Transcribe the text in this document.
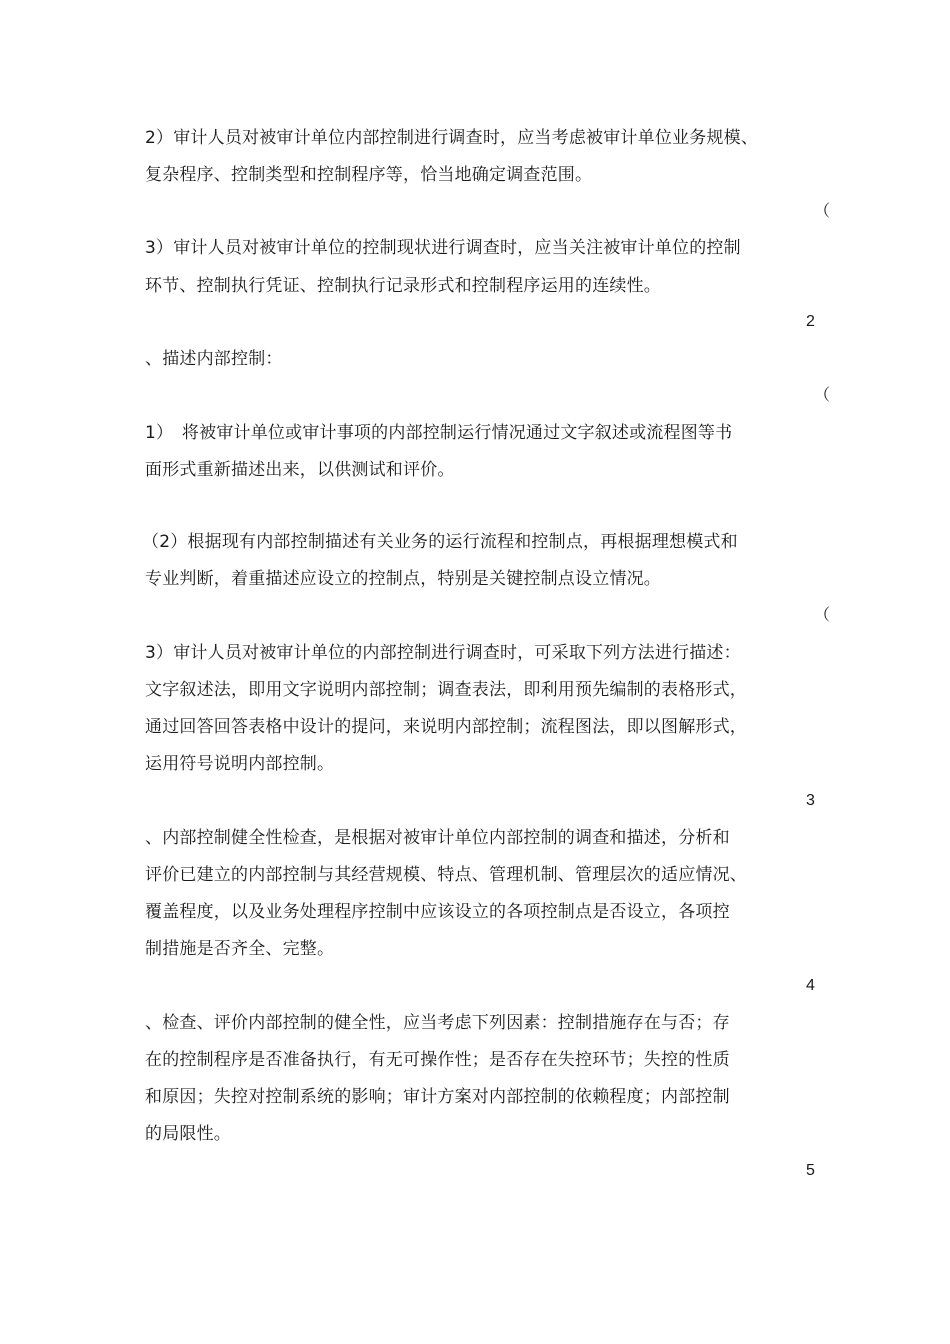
2）审计人员对被审计单位内部控制进行调查时，应当考虑被审计单位业务规模、
复杂程序、控制类型和控制程序等，恰当地确定调查范围。
（
3）审计人员对被审计单位的控制现状进行调查时，应当关注被审计单位的控制
环节、控制执行凭证、控制执行记录形式和控制程序运用的连续性。
2
、描述内部控制：
（
1）　将被审计单位或审计事项的内部控制运行情况通过文字叙述或流程图等书
面形式重新描述出来，以供测试和评价。
（2）根据现有内部控制描述有关业务的运行流程和控制点，再根据理想模式和
专业判断，着重描述应设立的控制点，特别是关键控制点设立情况。
（
3）审计人员对被审计单位的内部控制进行调查时，可采取下列方法进行描述：
文字叙述法，即用文字说明内部控制；调查表法，即利用预先编制的表格形式，
通过回答回答表格中设计的提问，来说明内部控制；流程图法，即以图解形式，
运用符号说明内部控制。
3
、内部控制健全性检查，是根据对被审计单位内部控制的调查和描述，分析和
评价已建立的内部控制与其经营规模、特点、管理机制、管理层次的适应情况、
覆盖程度，以及业务处理程序控制中应该设立的各项控制点是否设立，各项控
制措施是否齐全、完整。
4
、检查、评价内部控制的健全性，应当考虑下列因素：控制措施存在与否；存
在的控制程序是否准备执行，有无可操作性；是否存在失控环节；失控的性质
和原因；失控对控制系统的影响；审计方案对内部控制的依赖程度；内部控制
的局限性。
5
